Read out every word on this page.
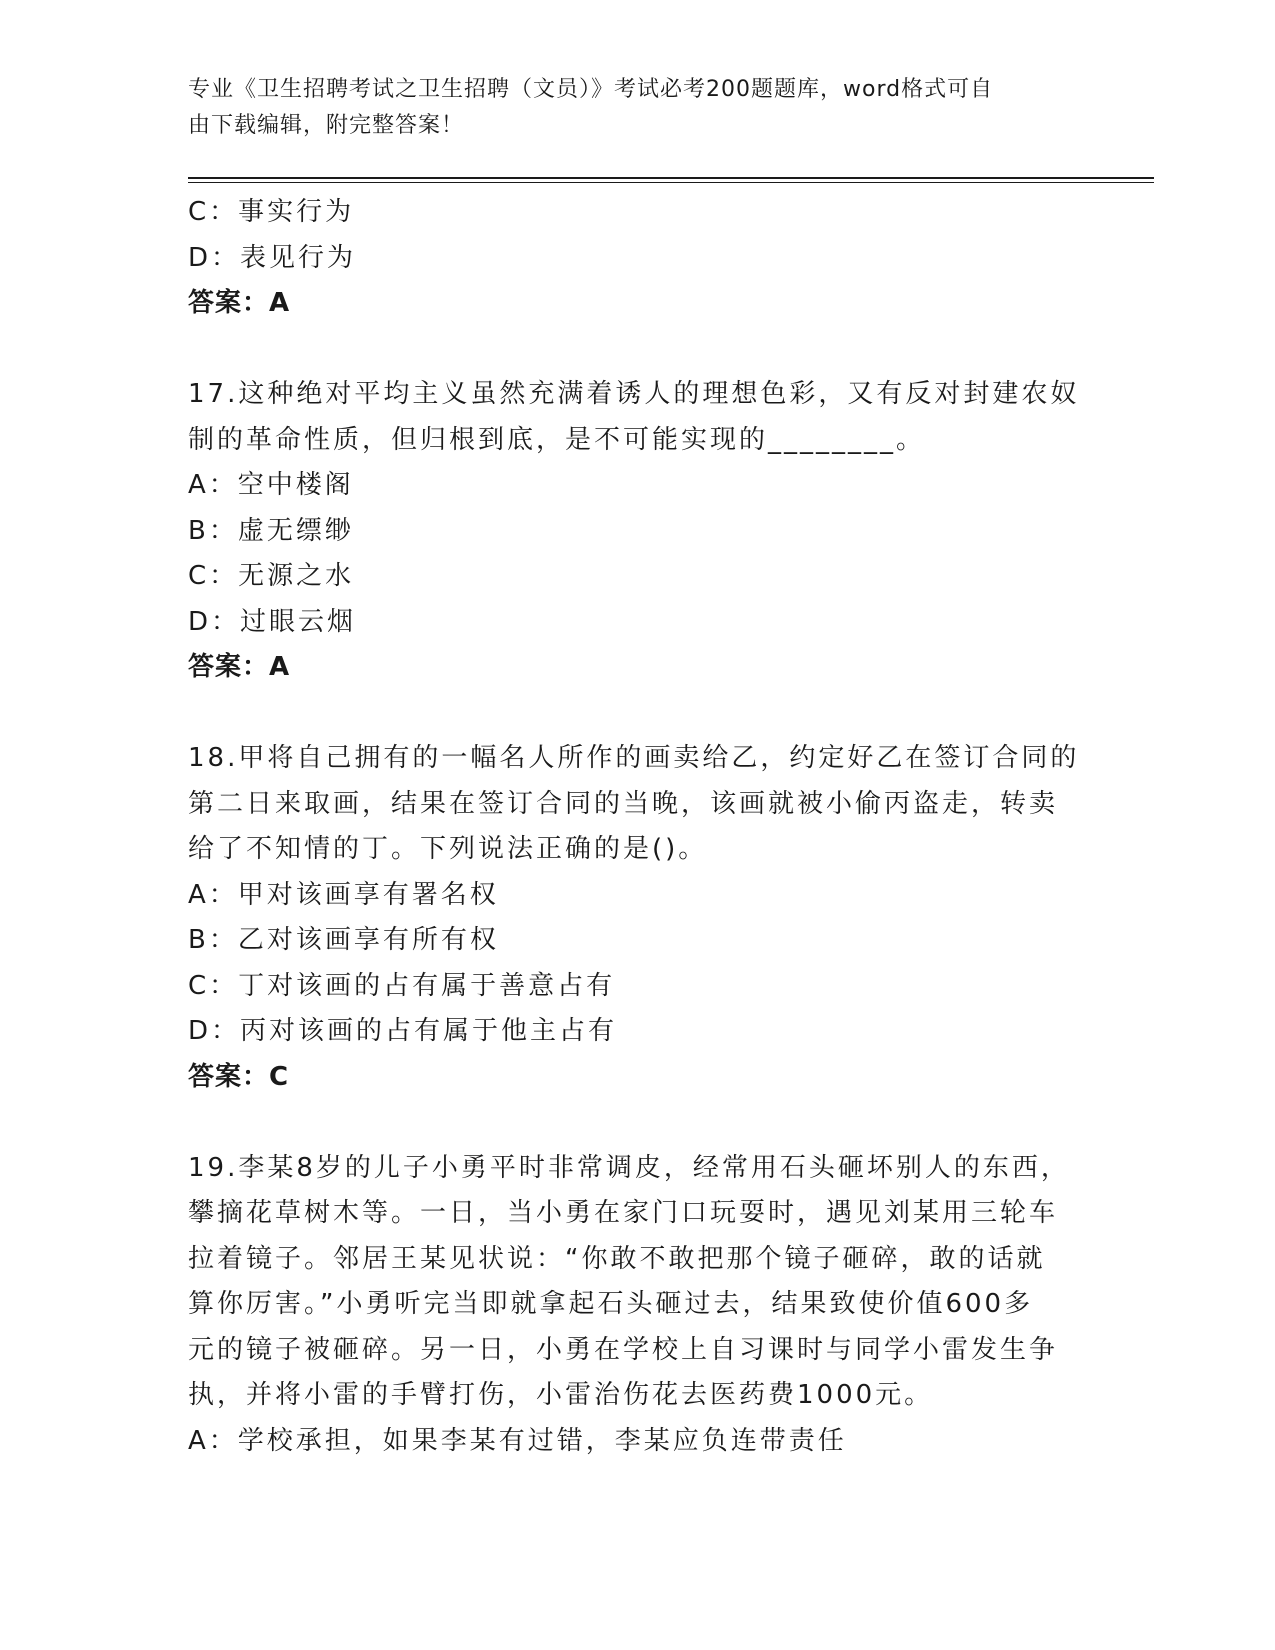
专业《卫生招聘考试之卫生招聘（文员）》考试必考200题题库，word格式可自
由下载编辑，附完整答案！
C：事实行为
D：表见行为
答案：A
17.这种绝对平均主义虽然充满着诱人的理想色彩，又有反对封建农奴
制的革命性质，但归根到底，是不可能实现的________。
A：空中楼阁
B：虚无缥缈
C：无源之水
D：过眼云烟
答案：A
18.甲将自己拥有的一幅名人所作的画卖给乙，约定好乙在签订合同的
第二日来取画，结果在签订合同的当晚，该画就被小偷丙盗走，转卖
给了不知情的丁。下列说法正确的是()。
A：甲对该画享有署名权
B：乙对该画享有所有权
C：丁对该画的占有属于善意占有
D：丙对该画的占有属于他主占有
答案：C
19.李某8岁的儿子小勇平时非常调皮，经常用石头砸坏别人的东西，
攀摘花草树木等。一日，当小勇在家门口玩耍时，遇见刘某用三轮车
拉着镜子。邻居王某见状说：“你敢不敢把那个镜子砸碎，敢的话就
算你厉害。”小勇听完当即就拿起石头砸过去，结果致使价值600多
元的镜子被砸碎。另一日，小勇在学校上自习课时与同学小雷发生争
执，并将小雷的手臂打伤，小雷治伤花去医药费1000元。
A：学校承担，如果李某有过错，李某应负连带责任
